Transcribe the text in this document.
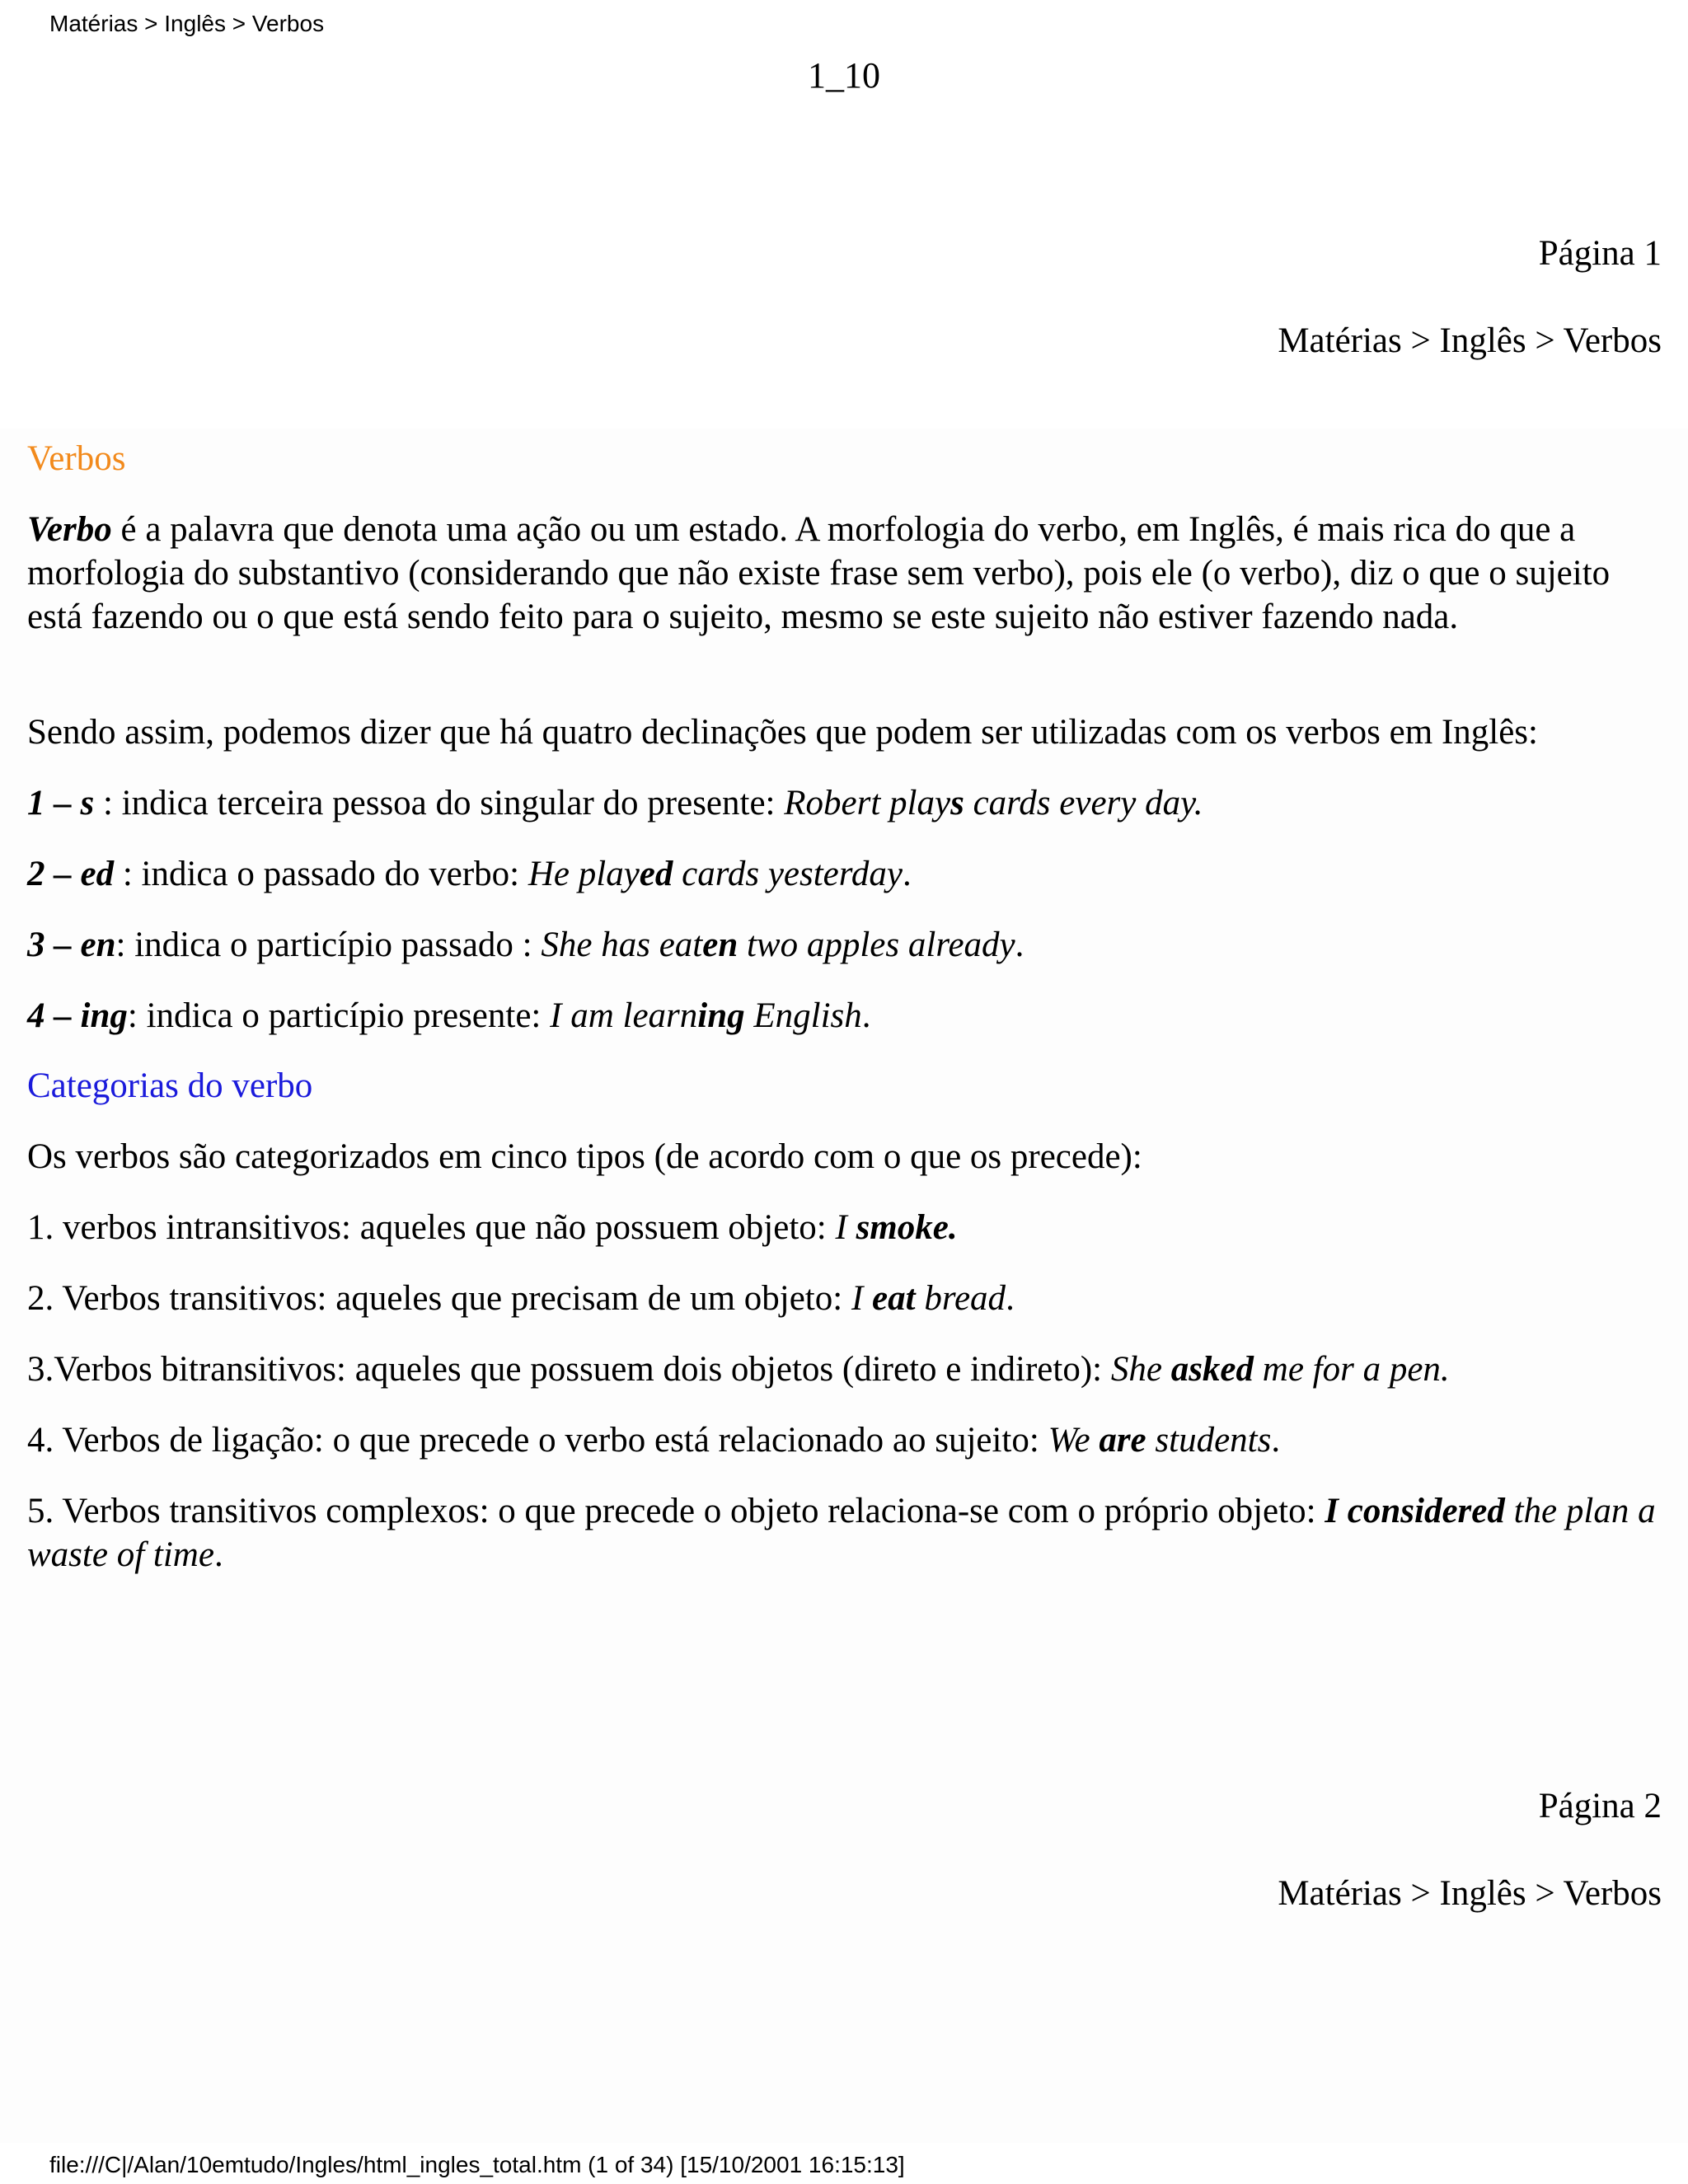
Matérias > Inglês > Verbos
1_10
Página 1
Matérias > Inglês > Verbos

Verbos

Verbo é a palavra que denota uma ação ou um estado. A morfologia do verbo, em Inglês, é mais rica do que a morfologia do substantivo (considerando que não existe frase sem verbo), pois ele (o verbo), diz o que o sujeito está fazendo ou o que está sendo feito para o sujeito, mesmo se este sujeito não estiver fazendo nada.

Sendo assim, podemos dizer que há quatro declinações que podem ser utilizadas com os verbos em Inglês:

1 – s : indica terceira pessoa do singular do presente: Robert plays cards every day.

2 – ed : indica o passado do verbo: He played cards yesterday.

3 – en: indica o particípio passado : She has eaten two apples already.

4 – ing: indica o particípio presente: I am learning English.

Categorias do verbo

Os verbos são categorizados em cinco tipos (de acordo com o que os precede):

1. verbos intransitivos: aqueles que não possuem objeto: I smoke.

2. Verbos transitivos: aqueles que precisam de um objeto: I eat bread.

3.Verbos bitransitivos: aqueles que possuem dois objetos (direto e indireto): She asked me for a pen.

4. Verbos de ligação: o que precede o verbo está relacionado ao sujeito: We are students.

5. Verbos transitivos complexos: o que precede o objeto relaciona-se com o próprio objeto: I considered the plan a waste of time.

Página 2
Matérias > Inglês > Verbos
file:///C|/Alan/10emtudo/Ingles/html_ingles_total.htm (1 of 34) [15/10/2001 16:15:13]
